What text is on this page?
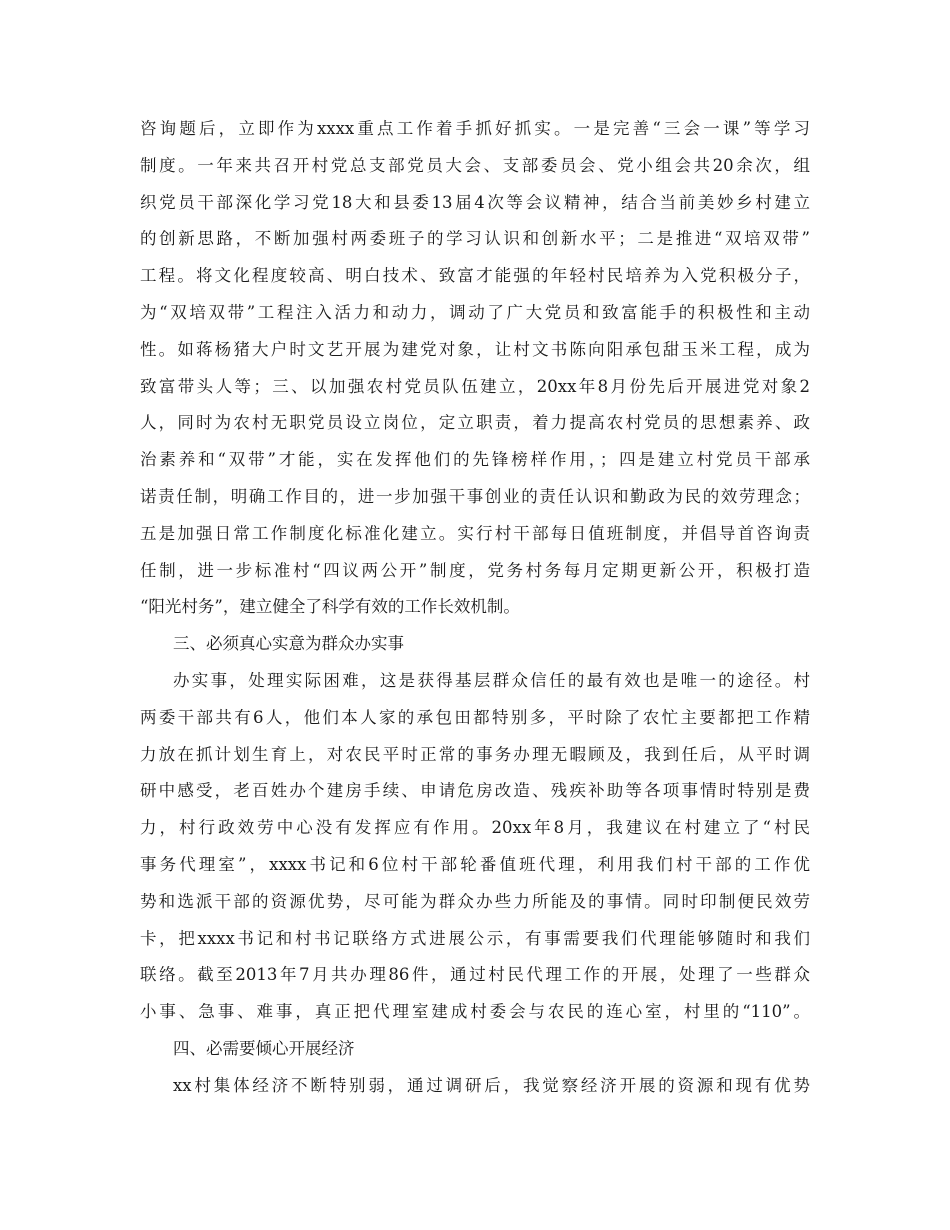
咨询题后，立即作为xxxx重点工作着手抓好抓实。一是完善“三会一课”等学习
制度。一年来共召开村党总支部党员大会、支部委员会、党小组会共20余次，组
织党员干部深化学习党18大和县委13届4次等会议精神，结合当前美妙乡村建立
的创新思路，不断加强村两委班子的学习认识和创新水平；二是推进“双培双带”
工程。将文化程度较高、明白技术、致富才能强的年轻村民培养为入党积极分子，
为“双培双带”工程注入活力和动力，调动了广大党员和致富能手的积极性和主动
性。如蒋杨猪大户时文艺开展为建党对象，让村文书陈向阳承包甜玉米工程，成为
致富带头人等；三、以加强农村党员队伍建立，20xx年8月份先后开展进党对象2
人，同时为农村无职党员设立岗位，定立职责，着力提高农村党员的思想素养、政
治素养和“双带”才能，实在发挥他们的先锋榜样作用，；四是建立村党员干部承
诺责任制，明确工作目的，进一步加强干事创业的责任认识和勤政为民的效劳理念；
五是加强日常工作制度化标准化建立。实行村干部每日值班制度，并倡导首咨询责
任制，进一步标准村“四议两公开”制度，党务村务每月定期更新公开，积极打造
“阳光村务”，建立健全了科学有效的工作长效机制。
三、必须真心实意为群众办实事
办实事，处理实际困难，这是获得基层群众信任的最有效也是唯一的途径。村
两委干部共有6人，他们本人家的承包田都特别多，平时除了农忙主要都把工作精
力放在抓计划生育上，对农民平时正常的事务办理无暇顾及，我到任后，从平时调
研中感受，老百姓办个建房手续、申请危房改造、残疾补助等各项事情时特别是费
力，村行政效劳中心没有发挥应有作用。20xx年8月，我建议在村建立了“村民
事务代理室”，xxxx书记和6位村干部轮番值班代理，利用我们村干部的工作优
势和选派干部的资源优势，尽可能为群众办些力所能及的事情。同时印制便民效劳
卡，把xxxx书记和村书记联络方式进展公示，有事需要我们代理能够随时和我们
联络。截至2013年7月共办理86件，通过村民代理工作的开展，处理了一些群众
小事、急事、难事，真正把代理室建成村委会与农民的连心室，村里的“110”。
四、必需要倾心开展经济
xx村集体经济不断特别弱，通过调研后，我觉察经济开展的资源和现有优势
